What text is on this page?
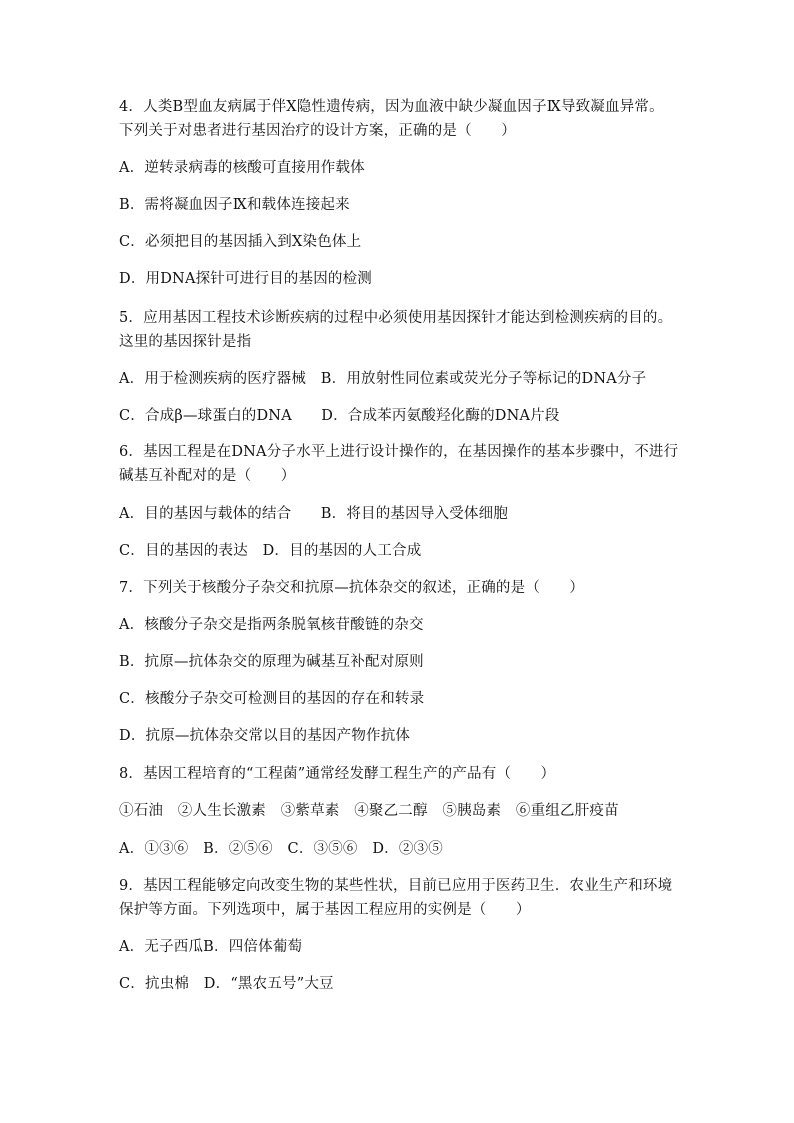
4．人类B型血友病属于伴X隐性遗传病，因为血液中缺少凝血因子Ⅸ导致凝血异常。
下列关于对患者进行基因治疗的设计方案，正确的是（　　）
A．逆转录病毒的核酸可直接用作载体
B．需将凝血因子Ⅸ和载体连接起来
C．必须把目的基因插入到X染色体上
D．用DNA探针可进行目的基因的检测
5．应用基因工程技术诊断疾病的过程中必须使用基因探针才能达到检测疾病的目的。
这里的基因探针是指
A．用于检测疾病的医疗器械　B．用放射性同位素或荧光分子等标记的DNA分子
C．合成β—球蛋白的DNA　　D．合成苯丙氨酸羟化酶的DNA片段
6．基因工程是在DNA分子水平上进行设计操作的，在基因操作的基本步骤中，不进行
碱基互补配对的是（　　）
A．目的基因与载体的结合　　B．将目的基因导入受体细胞
C．目的基因的表达　D．目的基因的人工合成
7．下列关于核酸分子杂交和抗原—抗体杂交的叙述，正确的是（　　）
A．核酸分子杂交是指两条脱氧核苷酸链的杂交
B．抗原—抗体杂交的原理为碱基互补配对原则
C．核酸分子杂交可检测目的基因的存在和转录
D．抗原—抗体杂交常以目的基因产物作抗体
8．基因工程培育的“工程菌”通常经发酵工程生产的产品有（　　）
①石油　②人生长激素　③紫草素　④聚乙二醇　⑤胰岛素　⑥重组乙肝疫苗
A．①③⑥　B．②⑤⑥　C．③⑤⑥　D．②③⑤
9．基因工程能够定向改变生物的某些性状，目前已应用于医药卫生．农业生产和环境
保护等方面。下列选项中，属于基因工程应用的实例是（　　）
A．无子西瓜B．四倍体葡萄
C．抗虫棉　D．“黑农五号”大豆
